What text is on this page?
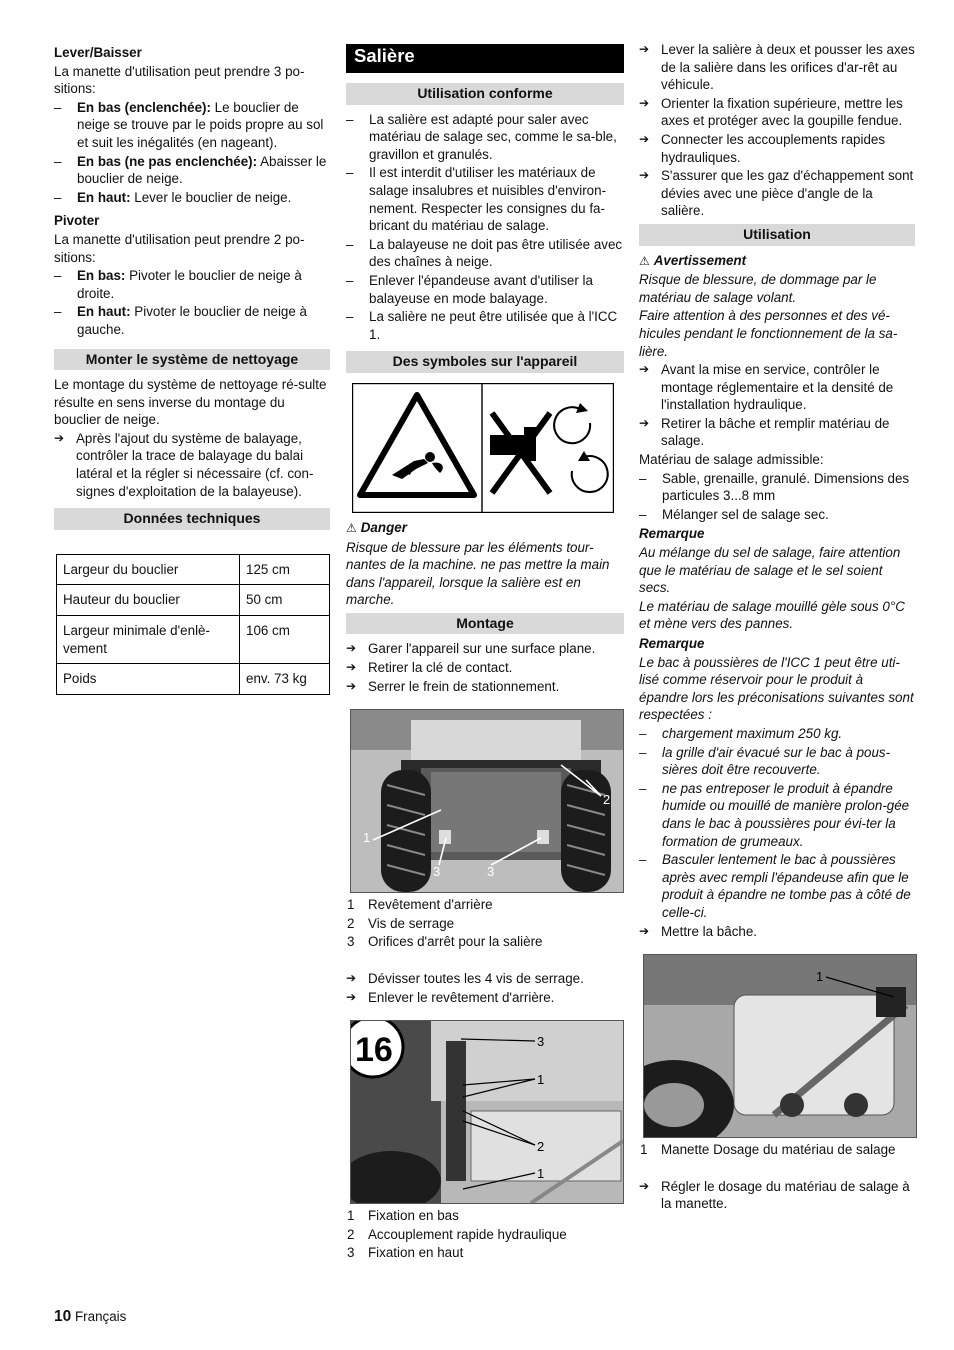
Lever/Baisser

La manette d'utilisation peut prendre 3 po-sitions:

– En bas (enclenchée): Le bouclier de neige se trouve par le poids propre au sol et suit les inégalités (en nageant).
– En bas (ne pas enclenchée): Abaisser le bouclier de neige.
– En haut: Lever le bouclier de neige.

Pivoter

La manette d'utilisation peut prendre 2 po-sitions:

– En bas: Pivoter le bouclier de neige à droite.
– En haut: Pivoter le bouclier de neige à gauche.
Monter le système de nettoyage

Le montage du système de nettoyage ré-sulte résulte en sens inverse du montage du bouclier de neige.

➔ Après l'ajout du système de balayage, contrôler la trace de balayage du balai latéral et la régler si nécessaire (cf. con-signes d'exploitation de la balayeuse).
Données techniques
Largeur du bouclier	125 cm
Hauteur du bouclier	50 cm
Largeur minimale d'enlè-vement	106 cm
Poids	env. 73 kg
Salière
Utilisation conforme
– La salière est adapté pour saler avec matériau de salage sec, comme le sa-ble, gravillon et granulés.
– Il est interdit d'utiliser les matériaux de salage insalubres et nuisibles d'environ-nement. Respecter les consignes du fa-bricant du matériau de salage.
– La balayeuse ne doit pas être utilisée avec des chaînes à neige.
– Enlever l'épandeuse avant d'utiliser la balayeuse en mode balayage.
– La salière ne peut être utilisée que à l'ICC 1.
Des symboles sur l'appareil

⚠ Danger

Risque de blessure par les éléments tour-nantes de la machine. ne pas mettre la main dans l'appareil, lorsque la salière est en marche.

Montage
➔ Garer l'appareil sur une surface plane.
➔ Retirer la clé de contact.
➔ Serrer le frein de stationnement.
1
2
3	3
1 Revêtement d'arrière
2 Vis de serrage
3 Orifices d'arrêt pour la salière
➔ Dévisser toutes les 4 vis de serrage.
➔ Enlever le revêtement d'arrière.
16	3
1
2
1
1 Fixation en bas
2 Accouplement rapide hydraulique
3 Fixation en haut
➔ Lever la salière à deux et pousser les axes de la salière dans les orifices d'ar-rêt au véhicule.
➔ Orienter la fixation supérieure, mettre les axes et protéger avec la goupille fendue.
➔ Connecter les accouplements rapides hydrauliques.
➔ S'assurer que les gaz d'échappement sont dévies avec une pièce d'angle de la salière.
Utilisation

⚠ Avertissement

Risque de blessure, de dommage par le matériau de salage volant.

Faire attention à des personnes et des vé-hicules pendant le fonctionnement de la sa-lière.

➔ Avant la mise en service, contrôler le montage réglementaire et la densité de l'installation hydraulique.
➔ Retirer la bâche et remplir matériau de salage.

Matériau de salage admissible:

– Sable, grenaille, granulé. Dimensions des particules 3...8 mm
– Mélanger sel de salage sec.

Remarque

Au mélange du sel de salage, faire attention que le matériau de salage et le sel soient secs.

Le matériau de salage mouillé gèle sous 0°C et mène vers des pannes.

Remarque

Le bac à poussières de l'ICC 1 peut être uti-lisé comme réservoir pour le produit à épandre lors les préconisations suivantes sont respectées :

– chargement maximum 250 kg.
– la grille d'air évacué sur le bac à pous-sières doit être recouverte.
– ne pas entreposer le produit à épandre humide ou mouillé de manière prolon-gée dans le bac à poussières pour évi-ter la formation de grumeaux.
– Basculer lentement le bac à poussières après avec rempli l'épandeuse afin que le produit à épandre ne tombe pas à côté de celle-ci.
➔ Mettre la bâche.
1
1 Manette Dosage du matériau de salage
➔ Régler le dosage du matériau de salage à la manette.
10 Français
